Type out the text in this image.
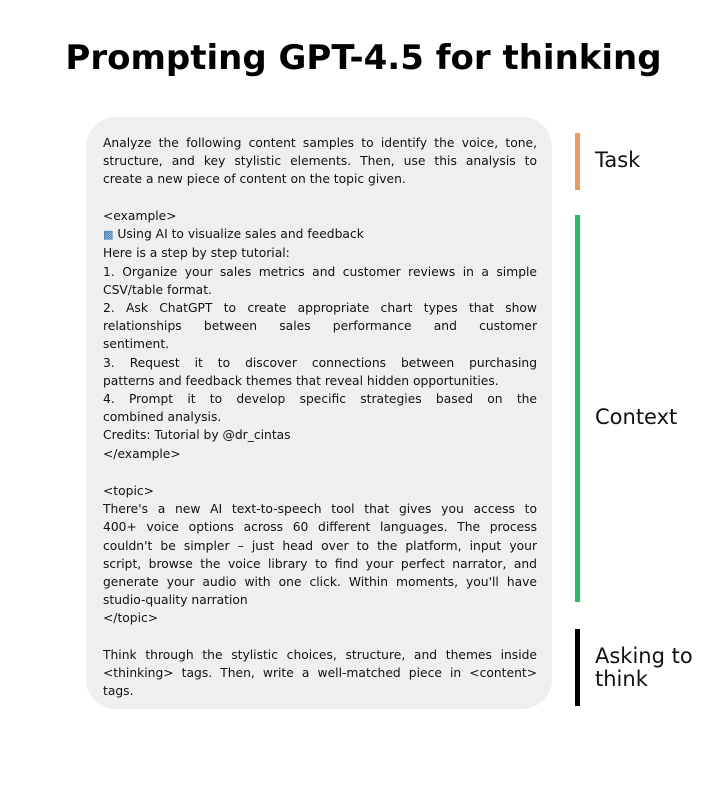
Prompting GPT-4.5 for thinking

Analyze the following content samples to identify the voice, tone,
structure, and key stylistic elements. Then, use this analysis to
create a new piece of content on the topic given.

<example>
▩ Using AI to visualize sales and feedback
Here is a step by step tutorial:
1. Organize your sales metrics and customer reviews in a simple
CSV/table format.
2. Ask ChatGPT to create appropriate chart types that show
relationships between sales performance and customer
sentiment.
3. Request it to discover connections between purchasing
patterns and feedback themes that reveal hidden opportunities.
4. Prompt it to develop specific strategies based on the
combined analysis.
Credits: Tutorial by @dr_cintas
</example>

<topic>
There's a new AI text-to-speech tool that gives you access to
400+ voice options across 60 different languages. The process
couldn't be simpler – just head over to the platform, input your
script, browse the voice library to find your perfect narrator, and
generate your audio with one click. Within moments, you'll have
studio-quality narration
</topic>

Think through the stylistic choices, structure, and themes inside
<thinking> tags. Then, write a well-matched piece in <content>
tags.

Task

Context

Asking to
think
